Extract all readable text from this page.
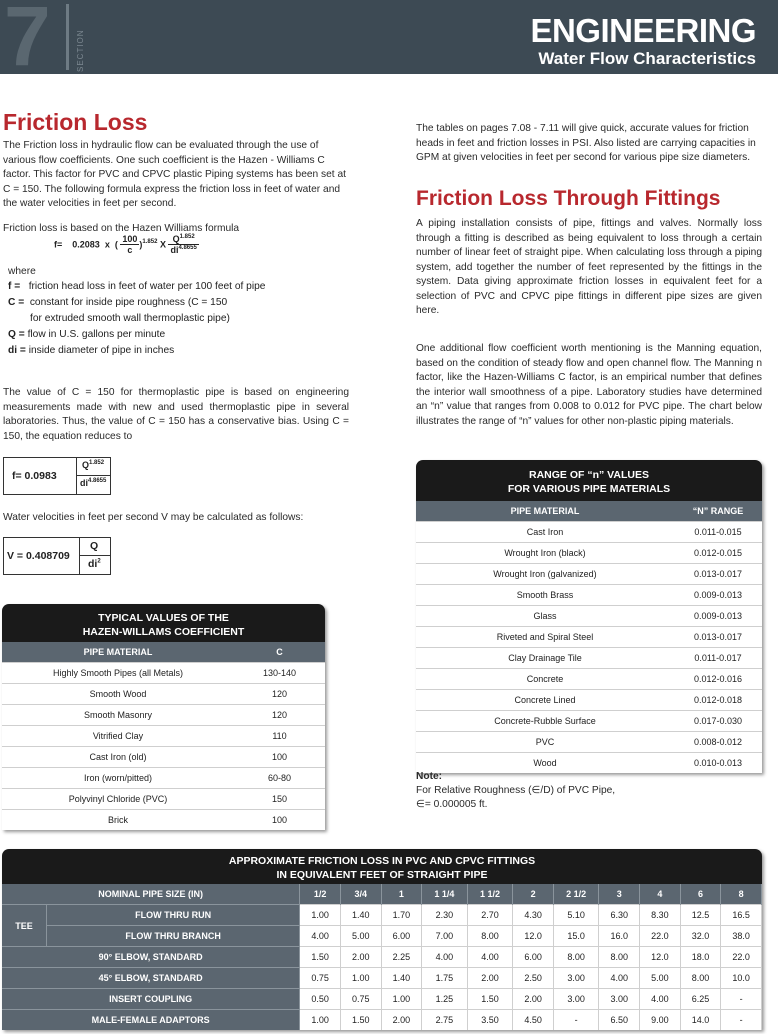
7	SECTION	ENGINEERING
Water Flow Characteristics
Friction Loss
The Friction loss in hydraulic flow can be evaluated through the use of various flow coefficients. One such coefficient is the Hazen - Williams C factor. This factor for PVC and CPVC plastic Piping systems has been set at C = 150. The following formula express the friction loss in feet of water and the water velocities in feet per second.
Friction loss is based on the Hazen Williams formula
f= 0.2083 x ( $\frac{100}{c} )^{1.852}$ X $\frac{Q^{1.852}}{di^{4.8655}}$
where
f = friction head loss in feet of water per 100 feet of pipe
C = constant for inside pipe roughness (C = 150
for extruded smooth wall thermoplastic pipe)
Q = flow in U.S. gallons per minute
di = inside diameter of pipe in inches
The value of C = 150 for thermoplastic pipe is based on engineering measurements made with new and used thermoplastic pipe in several laboratories. Thus, the value of C = 150 has a conservative bias. Using C = 150, the equation reduces to
f= 0.0983
$Q^{1.852}$
$di^{4.8655}$
Water velocities in feet per second V may be calculated as follows:
V = 0.408709
Q
$di^2$
TYPICAL VALUES OF THE
HAZEN-WILLAMS COEFFICIENT
PIPE MATERIAL	C
Highly Smooth Pipes (all Metals)	130-140
Smooth Wood	120
Smooth Masonry	120
Vitrified Clay	110
Cast Iron (old)	100
Iron (worn/pitted)	60-80
Polyvinyl Chloride (PVC)	150
Brick	100
The tables on pages 7.08 - 7.11 will give quick, accurate values for friction heads in feet and friction losses in PSI. Also listed are carrying capacities in GPM at given velocities in feet per second for various pipe size diameters.
Friction Loss Through Fittings
A piping installation consists of pipe, fittings and valves. Normally loss through a fitting is described as being equivalent to loss through a certain number of linear feet of straight pipe. When calculating loss through a piping system, add together the number of feet represented by the fittings in the system. Data giving approximate friction losses in equivalent feet for a selection of PVC and CPVC pipe fittings in different pipe sizes are given here.
One additional flow coefficient worth mentioning is the Manning equation, based on the condition of steady flow and open channel flow. The Manning n factor, like the Hazen-Williams C factor, is an empirical number that defines the interior wall smoothness of a pipe. Laboratory studies have determined an “n” value that ranges from 0.008 to 0.012 for PVC pipe. The chart below illustrates the range of “n” values for other non-plastic piping materials.
RANGE OF “n” VALUES
FOR VARIOUS PIPE MATERIALS
PIPE MATERIAL	“N” RANGE
Cast Iron	0.011-0.015
Wrought Iron (black)	0.012-0.015
Wrought Iron (galvanized)	0.013-0.017
Smooth Brass	0.009-0.013
Glass	0.009-0.013
Riveted and Spiral Steel	0.013-0.017
Clay Drainage Tile	0.011-0.017
Concrete	0.012-0.016
Concrete Lined	0.012-0.018
Concrete-Rubble Surface	0.017-0.030
PVC	0.008-0.012
Wood	0.010-0.013
Note:
For Relative Roughness (∈/D) of PVC Pipe,
∈= 0.000005 ft.
APPROXIMATE FRICTION LOSS IN PVC AND CPVC FITTINGS
IN EQUIVALENT FEET OF STRAIGHT PIPE
NOMINAL PIPE SIZE (IN)		1/2	3/4	1	1 1/4	1 1/2	2	2 1/2	3	4	6	8
TEE	FLOW THRU RUN	1.00	1.40	1.70	2.30	2.70	4.30	5.10	6.30	8.30	12.5	16.5
	FLOW THRU BRANCH	4.00	5.00	6.00	7.00	8.00	12.0	15.0	16.0	22.0	32.0	38.0
90° ELBOW, STANDARD		1.50	2.00	2.25	4.00	4.00	6.00	8.00	8.00	12.0	18.0	22.0
45° ELBOW, STANDARD		0.75	1.00	1.40	1.75	2.00	2.50	3.00	4.00	5.00	8.00	10.0
INSERT COUPLING		0.50	0.75	1.00	1.25	1.50	2.00	3.00	3.00	4.00	6.25	-
MALE-FEMALE ADAPTORS		1.00	1.50	2.00	2.75	3.50	4.50	-	6.50	9.00	14.0	-
